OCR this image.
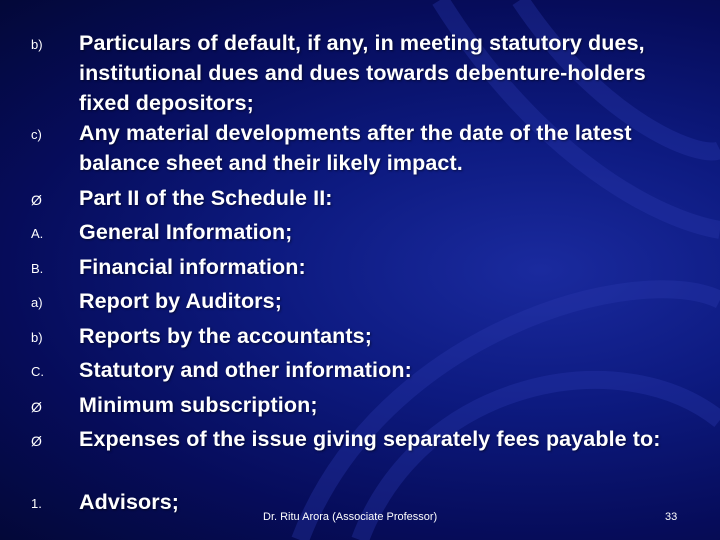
b)	Particulars of default, if any, in meeting statutory dues, institutional dues and dues towards debenture-holders fixed depositors;
c)	Any material developments after the date of the latest balance sheet and their likely impact.
Ø	Part II of the Schedule II:
A.	General Information;
B.	Financial information:
a)	Report by Auditors;
b)	Reports by the accountants;
C.	Statutory and other information:
Ø	Minimum subscription;
Ø	Expenses of the issue giving separately fees payable to:
1.	Advisors;
Dr. Ritu Arora (Associate Professor)	33
